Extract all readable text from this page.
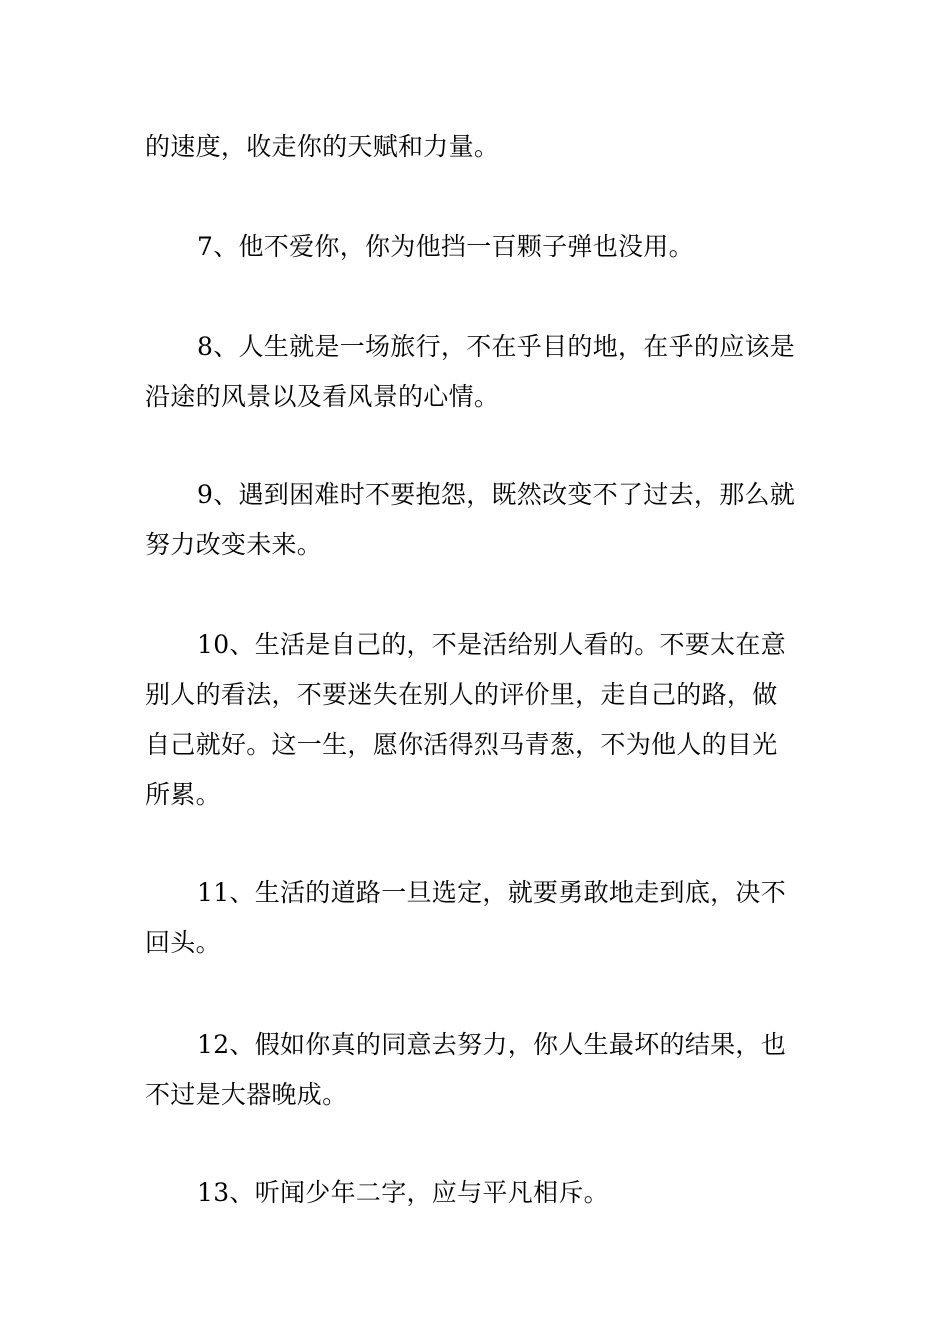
的速度，收走你的天赋和力量。

7、他不爱你，你为他挡一百颗子弹也没用。

8、人生就是一场旅行，不在乎目的地，在乎的应该是
沿途的风景以及看风景的心情。

9、遇到困难时不要抱怨，既然改变不了过去，那么就
努力改变未来。

10、生活是自己的，不是活给别人看的。不要太在意
别人的看法，不要迷失在别人的评价里，走自己的路，做
自己就好。这一生，愿你活得烈马青葱，不为他人的目光
所累。

11、生活的道路一旦选定，就要勇敢地走到底，决不
回头。

12、假如你真的同意去努力，你人生最坏的结果，也
不过是大器晚成。

13、听闻少年二字，应与平凡相斥。
